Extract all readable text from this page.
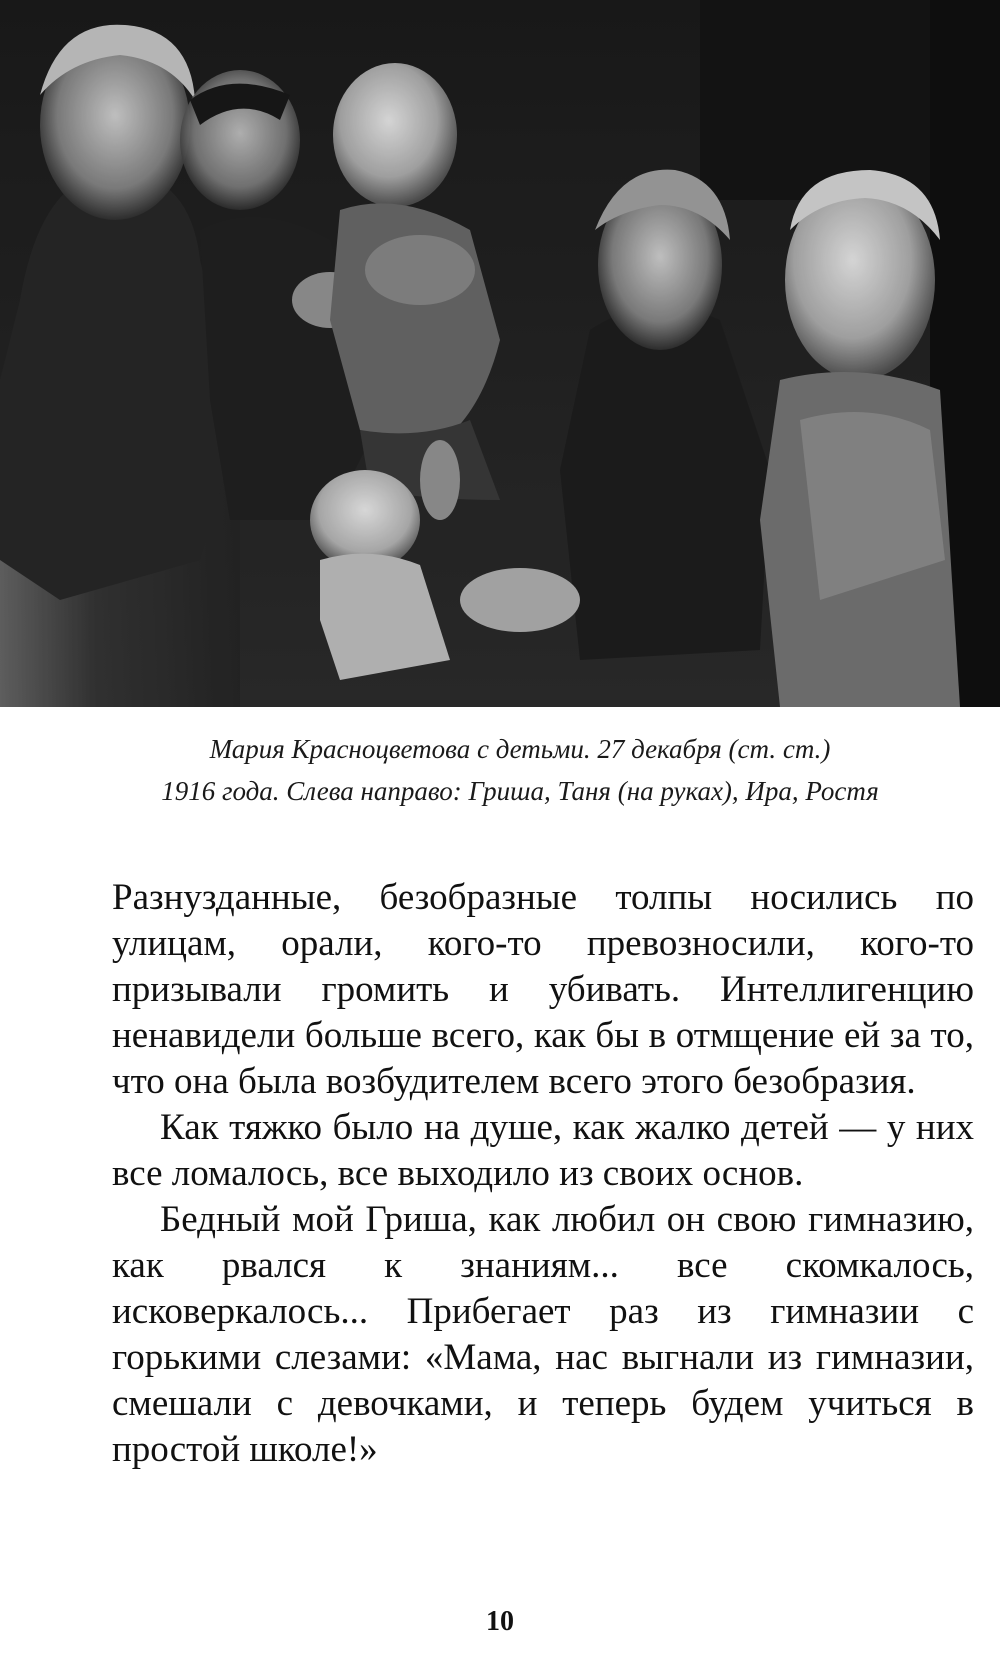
Мария Красноцветова с детьми. 27 декабря (ст. ст.)
1916 года. Слева направо: Гриша, Таня (на руках), Ира, Ростя

Разнузданные, безобразные толпы носились по улицам, орали, кого-то превозносили, кого-то призывали громить и убивать. Интеллигенцию ненавидели больше всего, как бы в отмщение ей за то, что она была возбудителем всего этого безобразия.

Как тяжко было на душе, как жалко детей — у них все ломалось, все выходило из своих основ.

Бедный мой Гриша, как любил он свою гимназию, как рвался к знаниям... все скомкалось, исковеркалось... Прибегает раз из гимназии с горькими слезами: «Мама, нас выгнали из гимназии, смешали с девочками, и теперь будем учиться в простой школе!»

10
